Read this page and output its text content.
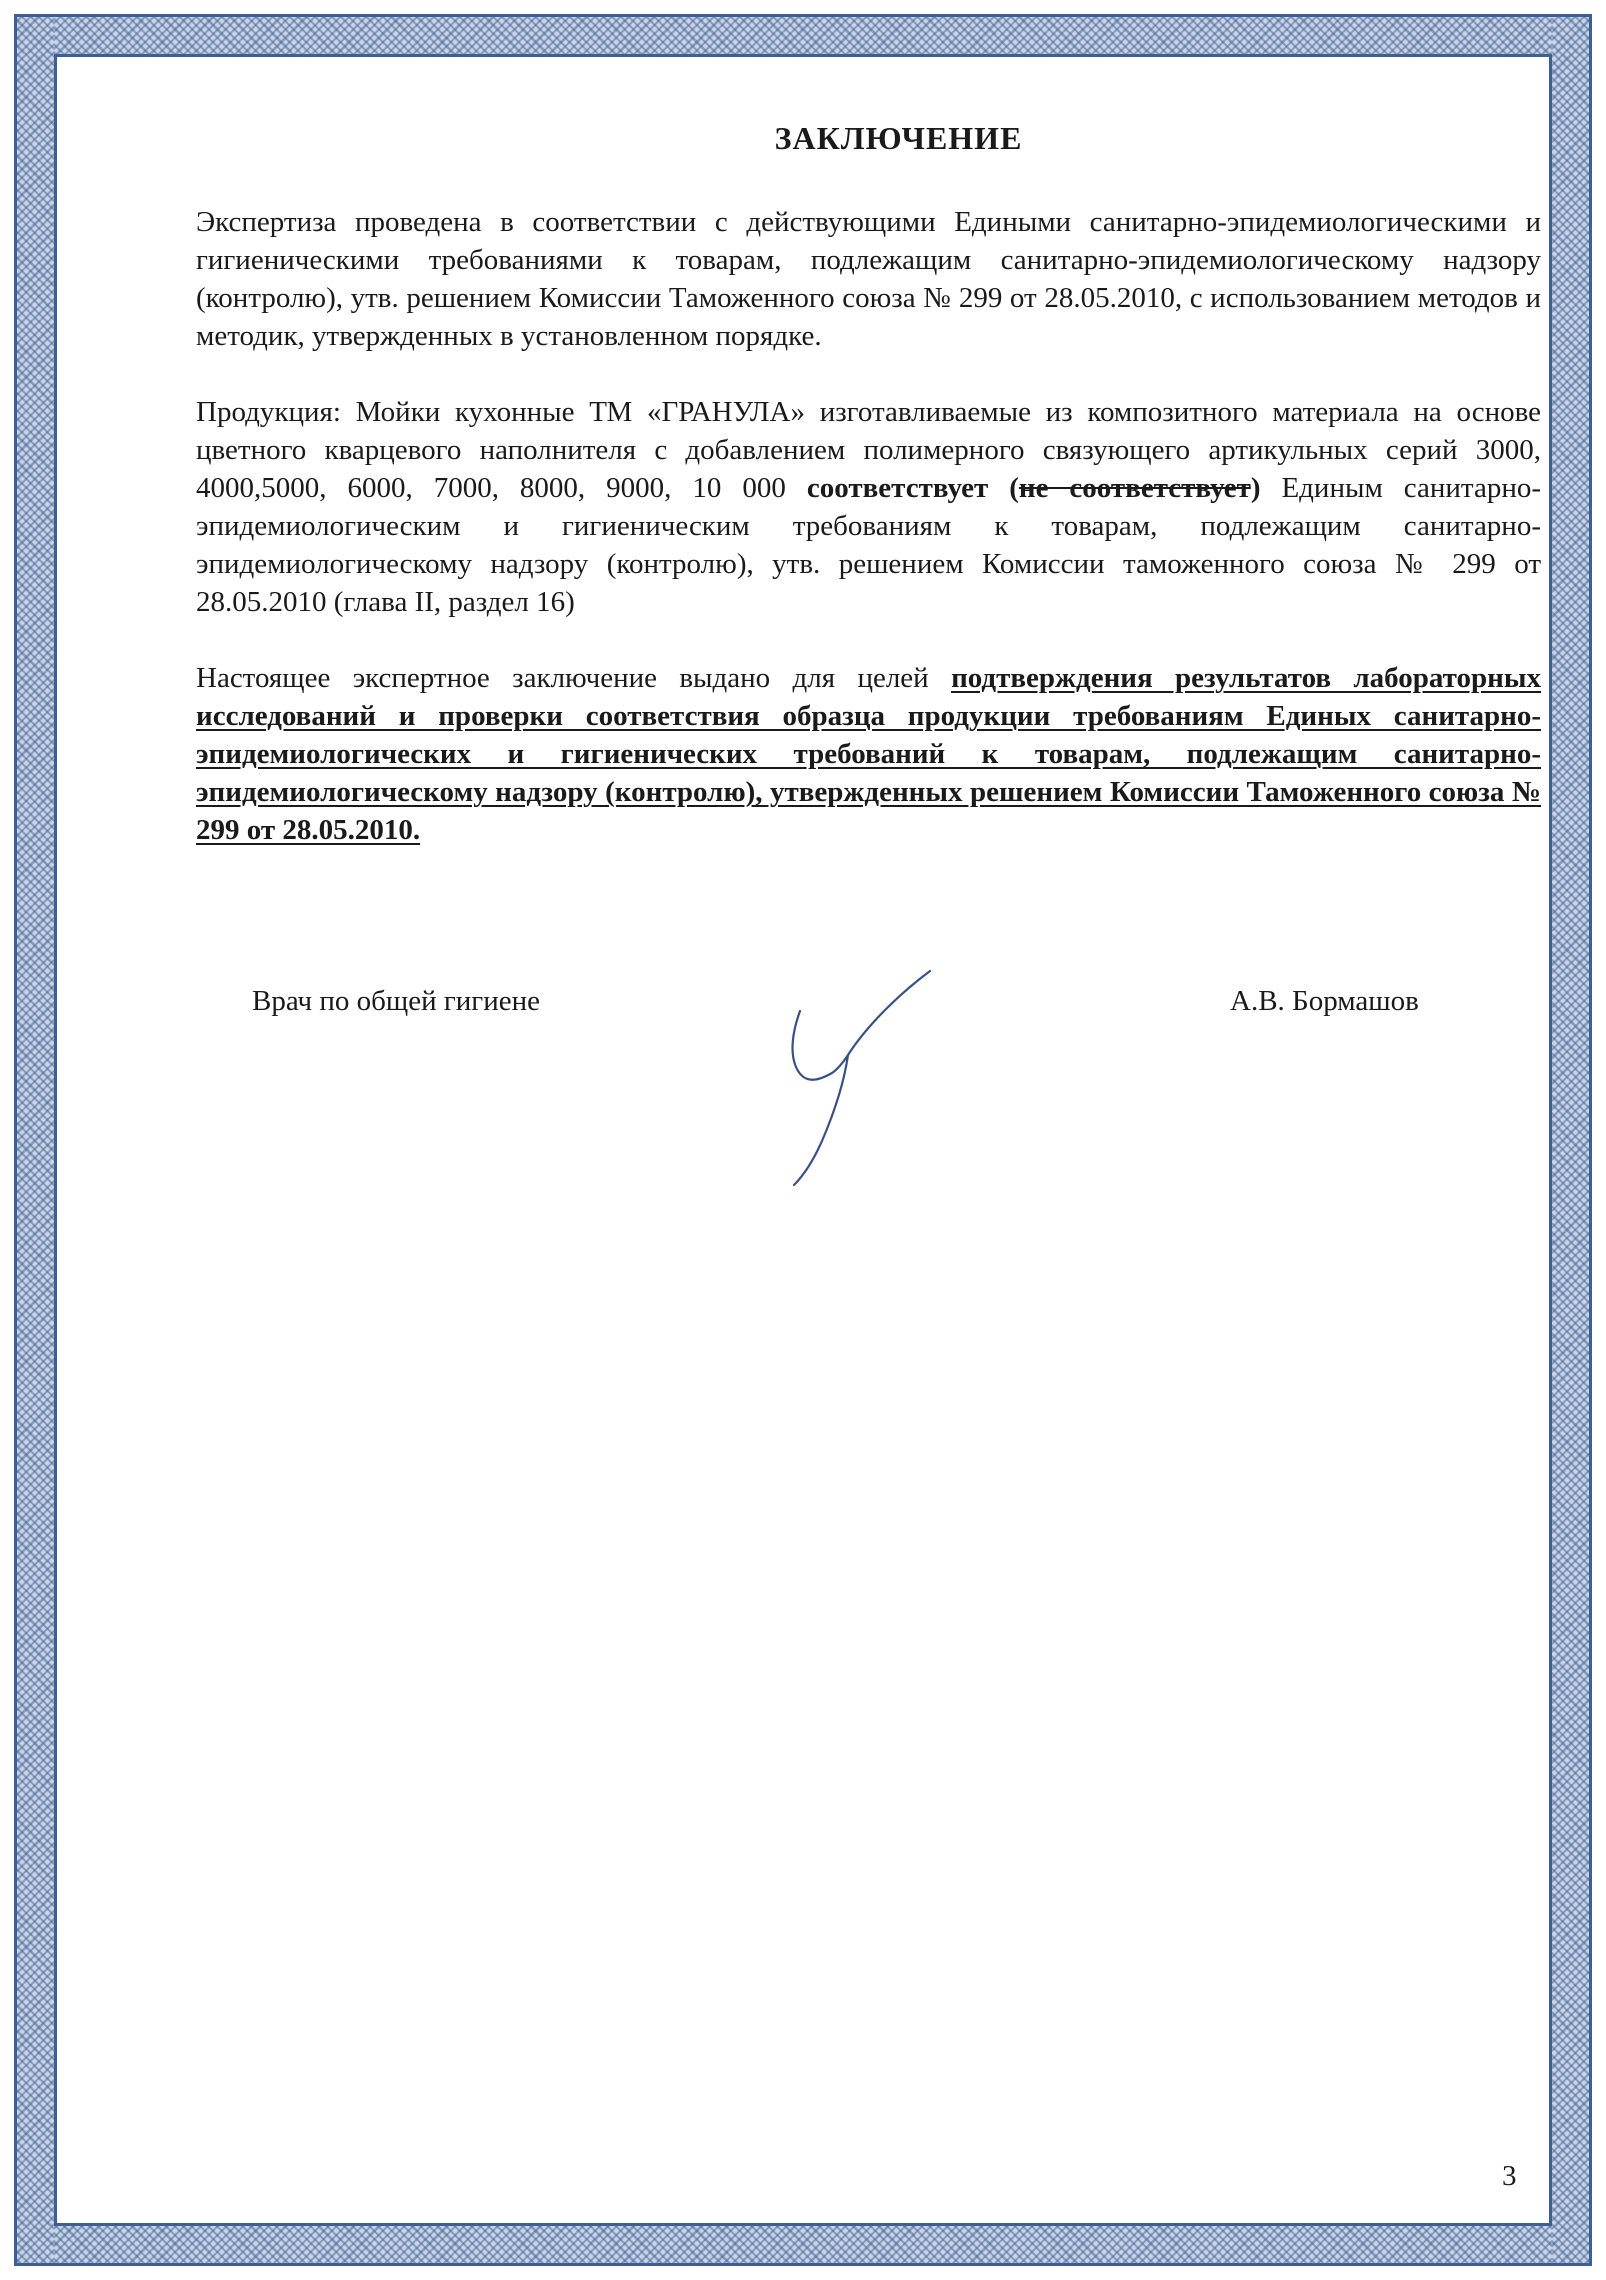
ЗАКЛЮЧЕНИЕ

Экспертиза проведена в соответствии с действующими Едиными санитарно-эпидемиологическими и гигиеническими требованиями к товарам, подлежащим санитарно-эпидемиологическому надзору (контролю), утв. решением Комиссии Таможенного союза № 299 от 28.05.2010, с использованием методов и методик, утвержденных в установленном порядке.

Продукция: Мойки кухонные ТМ «ГРАНУЛА» изготавливаемые из композитного материала на основе цветного кварцевого наполнителя с добавлением полимерного связующего артикульных серий 3000, 4000,5000, 6000, 7000, 8000, 9000, 10 000 соответствует (не соответствует) Единым санитарно-эпидемиологическим и гигиеническим требованиям к товарам, подлежащим санитарно-эпидемиологическому надзору (контролю), утв. решением Комиссии таможенного союза № 299 от 28.05.2010 (глава II, раздел 16)

Настоящее экспертное заключение выдано для целей подтверждения результатов лабораторных исследований и проверки соответствия образца продукции требованиям Единых санитарно-эпидемиологических и гигиенических требований к товарам, подлежащим санитарно-эпидемиологическому надзору (контролю), утвержденных решением Комиссии Таможенного союза № 299 от 28.05.2010.

Врач по общей гигиене	А.В. Бормашов
3
